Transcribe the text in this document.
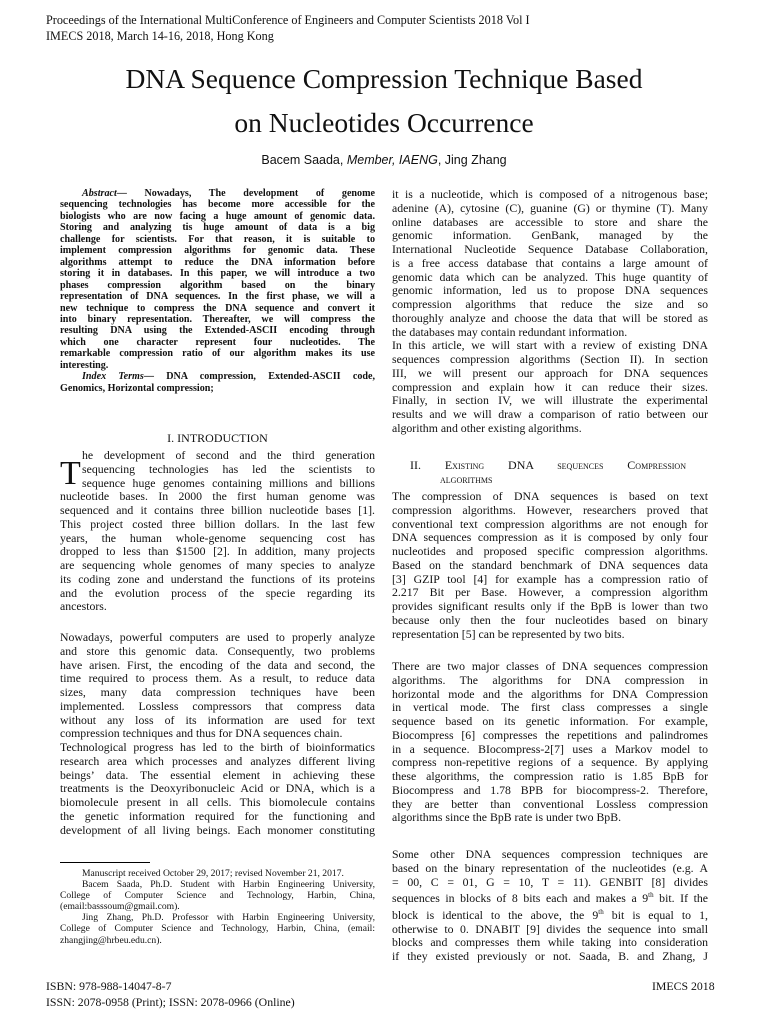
Proceedings of the International MultiConference of Engineers and Computer Scientists 2018 Vol I
IMECS 2018, March 14-16, 2018, Hong Kong
DNA Sequence Compression Technique Based
on Nucleotides Occurrence
Bacem Saada, Member, IAENG, Jing Zhang
Abstract— Nowadays, The development of genome
sequencing technologies has become more accessible for the
biologists who are now facing a huge amount of genomic data.
Storing and analyzing tis huge amount of data is a big
challenge for scientists. For that reason, it is suitable to
implement compression algorithms for genomic data. These
algorithms attempt to reduce the DNA information before
storing it in databases. In this paper, we will introduce a two
phases compression algorithm based on the binary
representation of DNA sequences. In the first phase, we will a
new technique to compress the DNA sequence and convert it
into binary representation. Thereafter, we will compress the
resulting DNA using the Extended-ASCII encoding through
which one character represent four nucleotides. The
remarkable compression ratio of our algorithm makes its use
interesting.
Index Terms— DNA compression, Extended-ASCII code,
Genomics, Horizontal compression;
I. INTRODUCTION
T he development of second and the third generation
sequencing technologies has led the scientists to
sequence huge genomes containing millions and billions
nucleotide bases. In 2000 the first human genome was
sequenced and it contains three billion nucleotide bases [1].
This project costed three billion dollars. In the last few
years, the human whole-genome sequencing cost has
dropped to less than $1500 [2]. In addition, many projects
are sequencing whole genomes of many species to analyze
its coding zone and understand the functions of its proteins
and the evolution process of the specie regarding its
ancestors.
Nowadays, powerful computers are used to properly analyze
and store this genomic data. Consequently, two problems
have arisen. First, the encoding of the data and second, the
time required to process them. As a result, to reduce data
sizes, many data compression techniques have been
implemented. Lossless compressors that compress data
without any loss of its information are used for text
compression techniques and thus for DNA sequences chain.
Technological progress has led to the birth of bioinformatics
research area which processes and analyzes different living
beings’ data. The essential element in achieving these
treatments is the Deoxyribonucleic Acid or DNA, which is a
biomolecule present in all cells. This biomolecule contains
the genetic information required for the functioning and
development of all living beings. Each monomer constituting
Manuscript received October 29, 2017; revised November 21, 2017.
Bacem Saada, Ph.D. Student with Harbin Engineering University,
College of Computer Science and Technology, Harbin, China,
(email:basssoum@gmail.com).
Jing Zhang, Ph.D. Professor with Harbin Engineering University,
College of Computer Science and Technology, Harbin, China, (email:
zhangjing@hrbeu.edu.cn).
it is a nucleotide, which is composed of a nitrogenous base;
adenine (A), cytosine (C), guanine (G) or thymine (T). Many
online databases are accessible to store and share the
genomic information. GenBank, managed by the
International Nucleotide Sequence Database Collaboration,
is a free access database that contains a large amount of
genomic data which can be analyzed. This huge quantity of
genomic information, led us to propose DNA sequences
compression algorithms that reduce the size and so
thoroughly analyze and choose the data that will be stored as
the databases may contain redundant information.
In this article, we will start with a review of existing DNA
sequences compression algorithms (Section II). In section
III, we will present our approach for DNA sequences
compression and explain how it can reduce their sizes.
Finally, in section IV, we will illustrate the experimental
results and we will draw a comparison of ratio between our
algorithm and other existing algorithms.
II. Existing DNA sequences Compression
algorithms
The compression of DNA sequences is based on text
compression algorithms. However, researchers proved that
conventional text compression algorithms are not enough for
DNA sequences compression as it is composed by only four
nucleotides and proposed specific compression algorithms.
Based on the standard benchmark of DNA sequences data
[3] GZIP tool [4] for example has a compression ratio of
2.217 Bit per Base. However, a compression algorithm
provides significant results only if the BpB is lower than two
because only then the four nucleotides based on binary
representation [5] can be represented by two bits.
There are two major classes of DNA sequences compression
algorithms. The algorithms for DNA compression in
horizontal mode and the algorithms for DNA Compression
in vertical mode. The first class compresses a single
sequence based on its genetic information. For example,
Biocompress [6] compresses the repetitions and palindromes
in a sequence. BIocompress-2[7] uses a Markov model to
compress non-repetitive regions of a sequence. By applying
these algorithms, the compression ratio is 1.85 BpB for
Biocompress and 1.78 BPB for biocompress-2. Therefore,
they are better than conventional Lossless compression
algorithms since the BpB rate is under two BpB.
Some other DNA sequences compression techniques are
based on the binary representation of the nucleotides (e.g. A
= 00, C = 01, G = 10, T = 11). GENBIT [8] divides
sequences in blocks of 8 bits each and makes a 9th bit. If the
block is identical to the above, the 9th bit is equal to 1,
otherwise to 0. DNABIT [9] divides the sequence into small
blocks and compresses them while taking into consideration
if they existed previously or not. Saada, B. and Zhang, J
ISBN: 978-988-14047-8-7
ISSN: 2078-0958 (Print); ISSN: 2078-0966 (Online)
IMECS 2018
